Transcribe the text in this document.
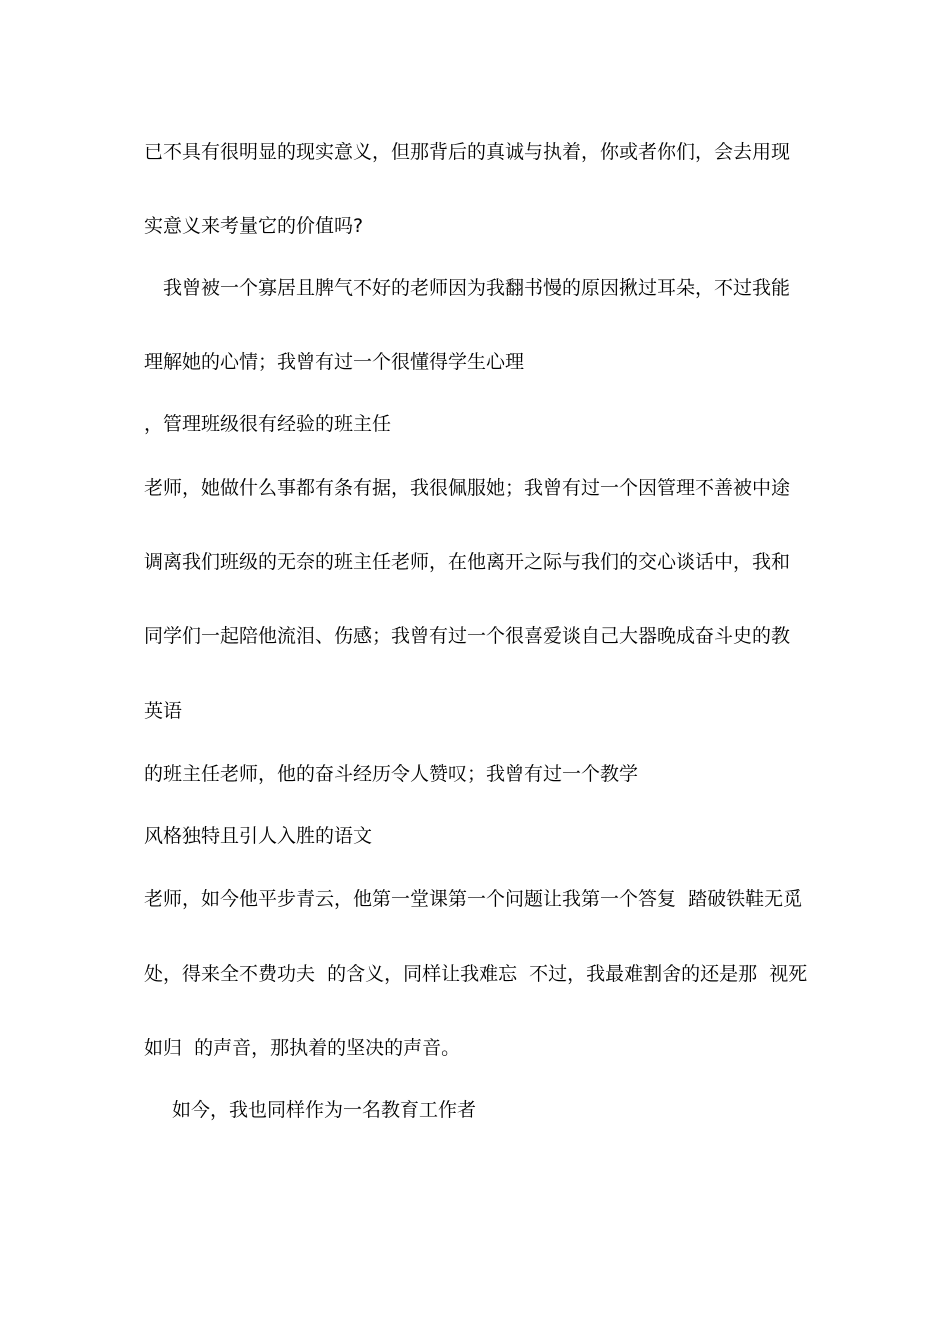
已不具有很明显的现实意义，但那背后的真诚与执着，你或者你们，会去用现
实意义来考量它的价值吗?
我曾被一个寡居且脾气不好的老师因为我翻书慢的原因揪过耳朵，不过我能
理解她的心情；我曾有过一个很懂得学生心理
，管理班级很有经验的班主任
老师，她做什么事都有条有据，我很佩服她；我曾有过一个因管理不善被中途
调离我们班级的无奈的班主任老师，在他离开之际与我们的交心谈话中，我和
同学们一起陪他流泪、伤感；我曾有过一个很喜爱谈自己大器晚成奋斗史的教
英语
的班主任老师，他的奋斗经历令人赞叹；我曾有过一个教学
风格独特且引人入胜的语文
老师，如今他平步青云，他第一堂课第一个问题让我第一个答复  踏破铁鞋无觅
处，得来全不费功夫  的含义，同样让我难忘  不过，我最难割舍的还是那  视死
如归  的声音，那执着的坚决的声音。
如今，我也同样作为一名教育工作者
